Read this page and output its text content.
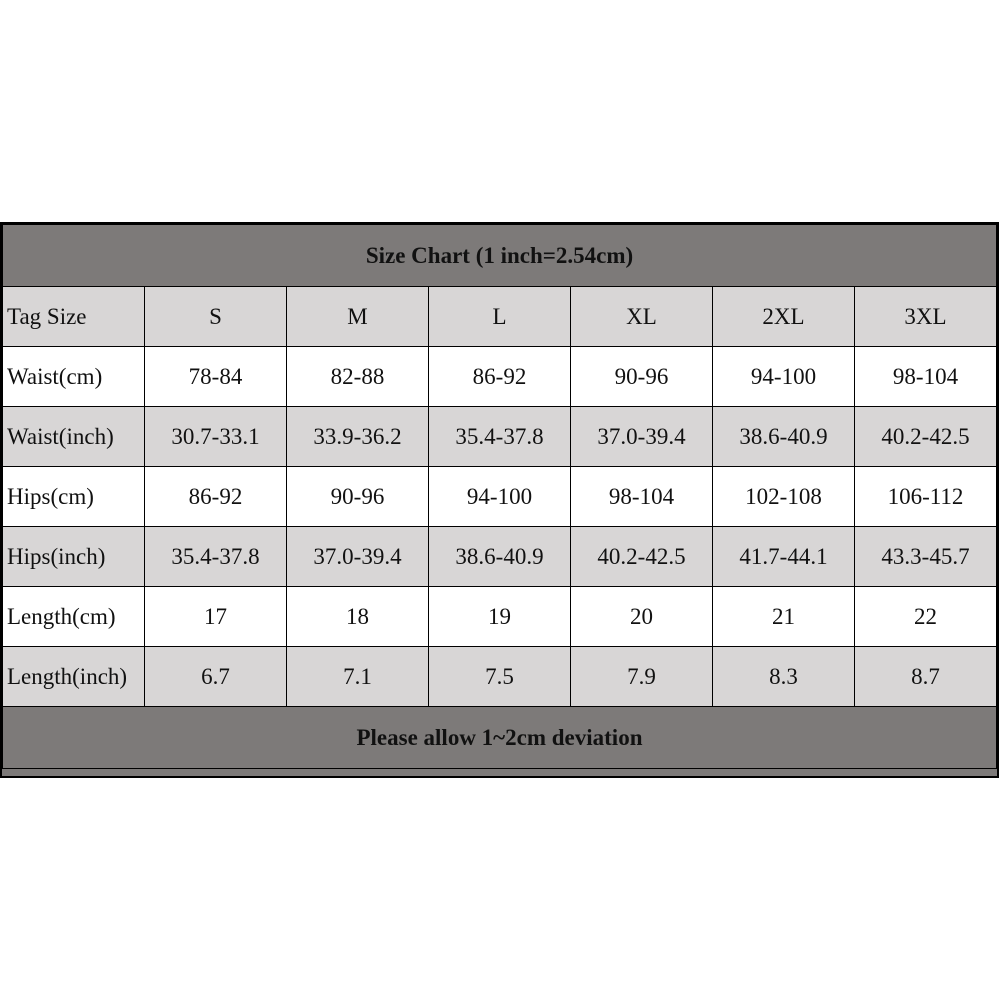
Size Chart (1 inch=2.54cm)						
Tag Size	S	M	L	XL	2XL	3XL
Waist(cm)	78-84	82-88	86-92	90-96	94-100	98-104
Waist(inch)	30.7-33.1	33.9-36.2	35.4-37.8	37.0-39.4	38.6-40.9	40.2-42.5
Hips(cm)	86-92	90-96	94-100	98-104	102-108	106-112
Hips(inch)	35.4-37.8	37.0-39.4	38.6-40.9	40.2-42.5	41.7-44.1	43.3-45.7
Length(cm)	17	18	19	20	21	22
Length(inch)	6.7	7.1	7.5	7.9	8.3	8.7
Please allow 1~2cm deviation						
